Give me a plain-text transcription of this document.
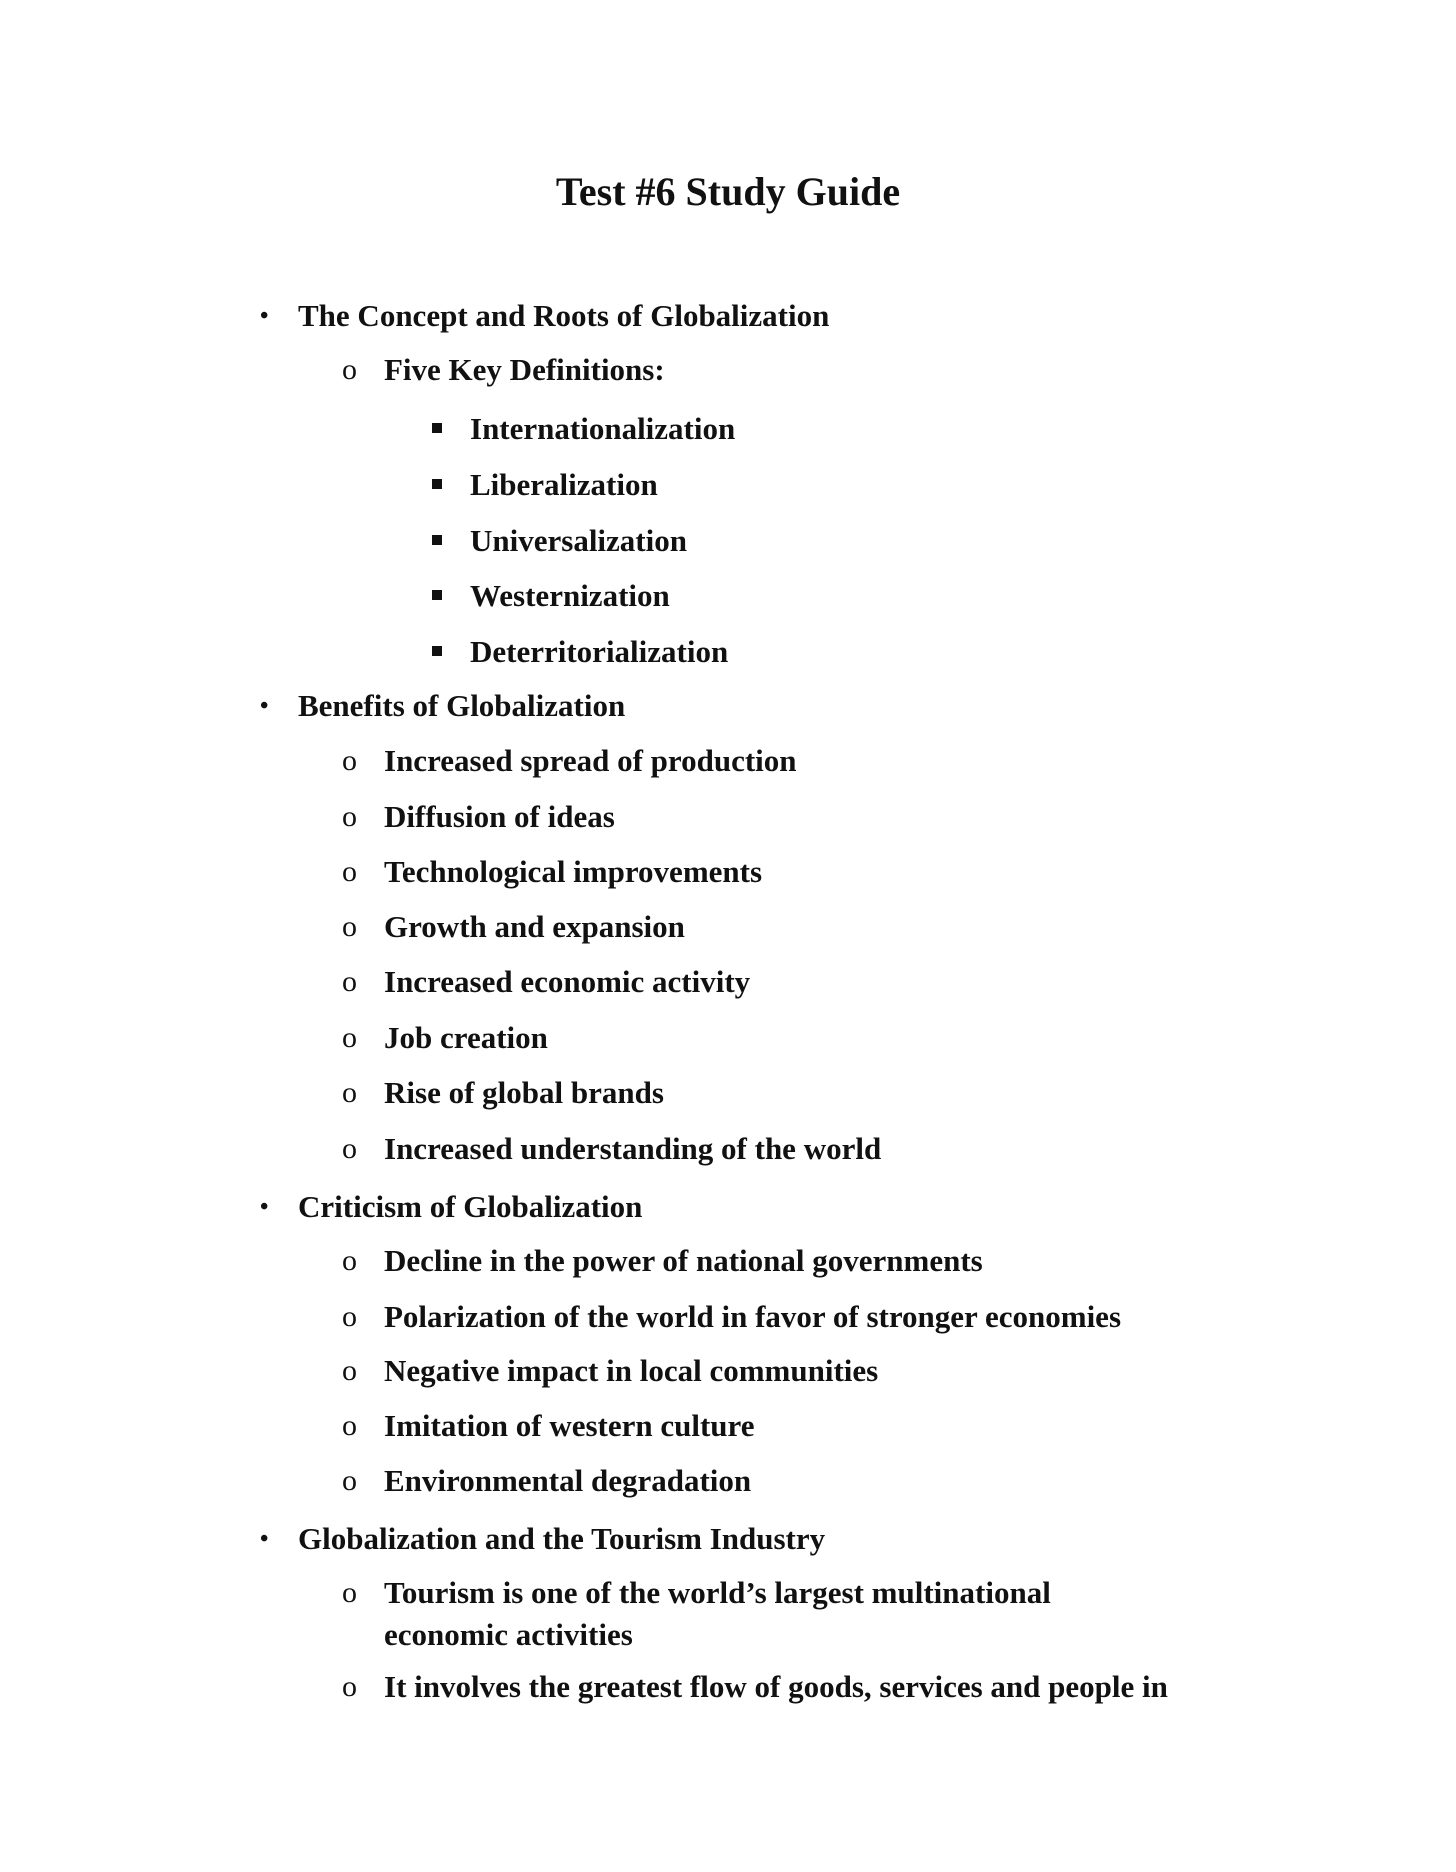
Test #6 Study Guide
• The Concept and Roots of Globalization
o Five Key Definitions:
Internationalization
Liberalization
Universalization
Westernization
Deterritorialization
• Benefits of Globalization
o Increased spread of production
o Diffusion of ideas
o Technological improvements
o Growth and expansion
o Increased economic activity
o Job creation
o Rise of global brands
o Increased understanding of the world
• Criticism of Globalization
o Decline in the power of national governments
o Polarization of the world in favor of stronger economies
o Negative impact in local communities
o Imitation of western culture
o Environmental degradation
• Globalization and the Tourism Industry
o Tourism is one of the world’s largest multinational
economic activities
o It involves the greatest flow of goods, services and people in
